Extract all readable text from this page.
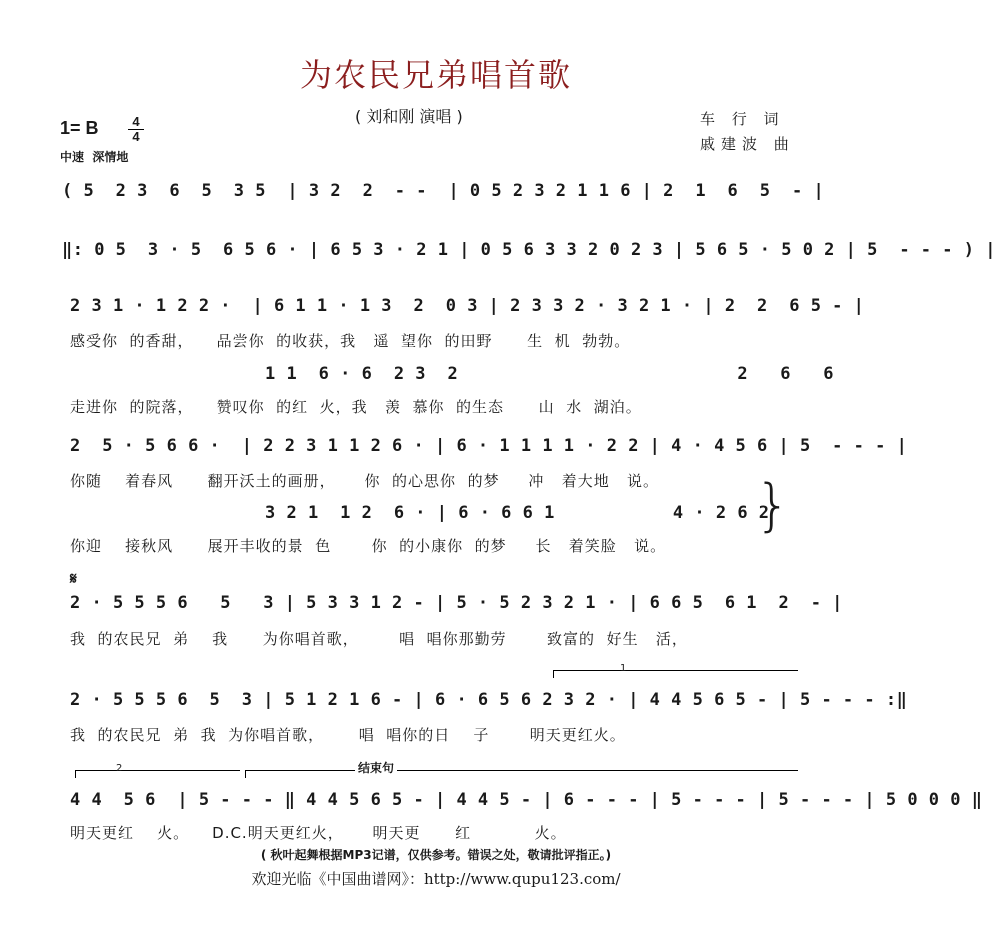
为农民兄弟唱首歌
( 刘和刚 演唱 )	车 行 词
戚建波 曲
1= B	4
4
中速  深情地
( 5  2 3  6  5  3 5  | 3 2  2  - -  | 0 5 2 3 2 1 1 6 | 2  1  6  5  - |
‖: 0 5  3 · 5  6 5 6 · | 6 5 3 · 2 1 | 0 5 6 3 3 2 0 2 3 | 5 6 5 · 5 0 2 | 5  - - - ) |
2 3 1 · 1 2 2 ·  | 6 1 1 · 1 3  2  0 3 | 2 3 3 2 · 3 2 1 · | 2  2  6 5 - |
感受你  的香甜，    品尝你  的收获，我   遥  望你  的田野      生  机  勃勃。
1 1  6 · 6  2 3  2                          2   6   6
走进你  的院落，    赞叹你  的红  火，我   羡  慕你  的生态      山  水  湖泊。
2  5 · 5 6 6 ·  | 2 2 3 1 1 2 6 · | 6 · 1 1 1 1 · 2 2 | 4 · 4 5 6 | 5  - - - |
你随    着春风      翻开沃土的画册，     你  的心思你  的梦     冲   着大地   说。
3 2 1  1 2  6 · | 6 · 6 6 1           4 · 2 6 2
你迎    接秋风      展开丰收的景  色       你  的小康你  的梦     长   着笑脸   说。
}
𝄋
2 · 5 5 5 6   5   3 | 5 3 3 1 2 - | 5 · 5 2 3 2 1 · | 6 6 5  6 1  2  - |
我  的农民兄  弟    我      为你唱首歌，       唱  唱你那勤劳       致富的  好生   活，
1
2 · 5 5 5 6  5  3 | 5 1 2 1 6 - | 6 · 6 5 6 2 3 2 · | 4 4 5 6 5 - | 5 - - - :‖
我  的农民兄  弟  我  为你唱首歌，      唱  唱你的日    子       明天更红火。
2	结束句
4 4  5 6  | 5 - - - ‖ 4 4 5 6 5 - | 4 4 5 - | 6 - - - | 5 - - - | 5 - - - | 5 0 0 0 ‖
明天更红    火。    D.C.明天更红火，     明天更      红           火。
( 秋叶起舞根据MP3记谱，仅供参考。错误之处，敬请批评指正。)
欢迎光临《中国曲谱网》：http://www.qupu123.com/
